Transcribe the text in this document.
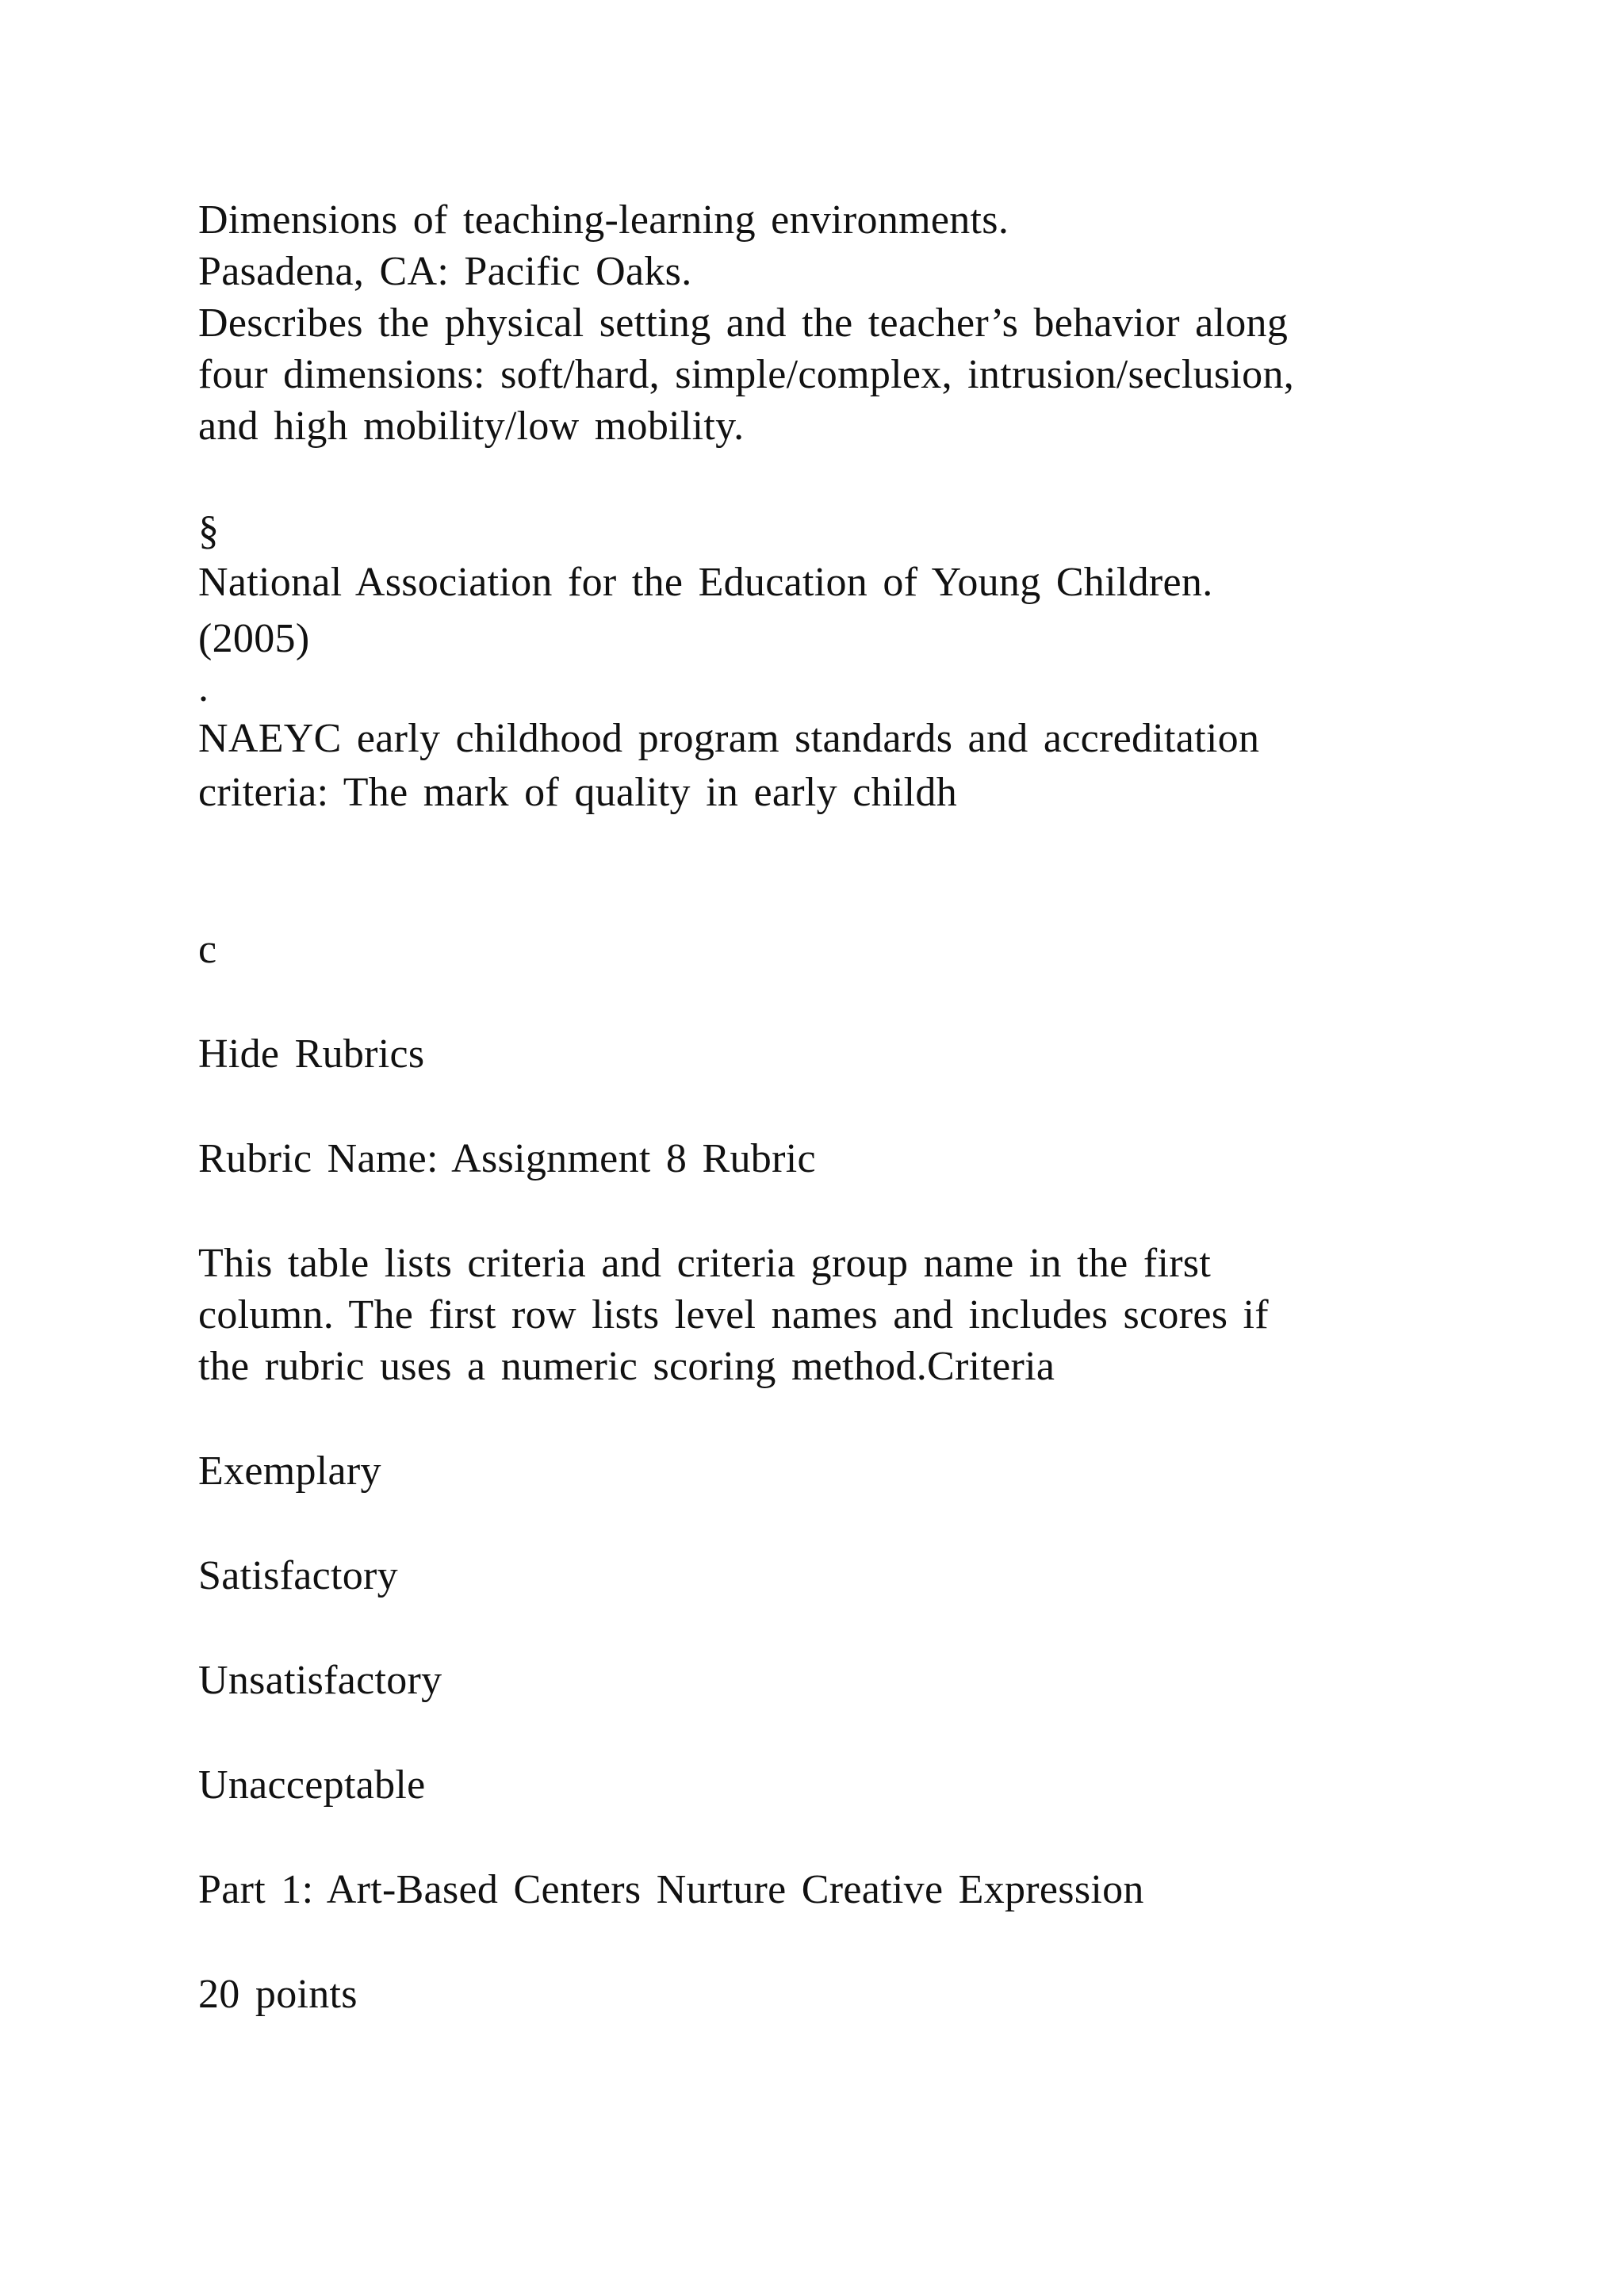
Dimensions of teaching-learning environments.
Pasadena, CA: Pacific Oaks.
Describes the physical setting and the teacher’s behavior along
four dimensions: soft/hard, simple/complex, intrusion/seclusion,
and high mobility/low mobility.
§
National Association for the Education of Young Children.
(2005)
.
NAEYC early childhood program standards and accreditation
criteria: The mark of quality in early childh
c
Hide Rubrics
Rubric Name: Assignment 8 Rubric
This table lists criteria and criteria group name in the first
column. The first row lists level names and includes scores if
the rubric uses a numeric scoring method.Criteria
Exemplary
Satisfactory
Unsatisfactory
Unacceptable
Part 1: Art-Based Centers Nurture Creative Expression
20 points
